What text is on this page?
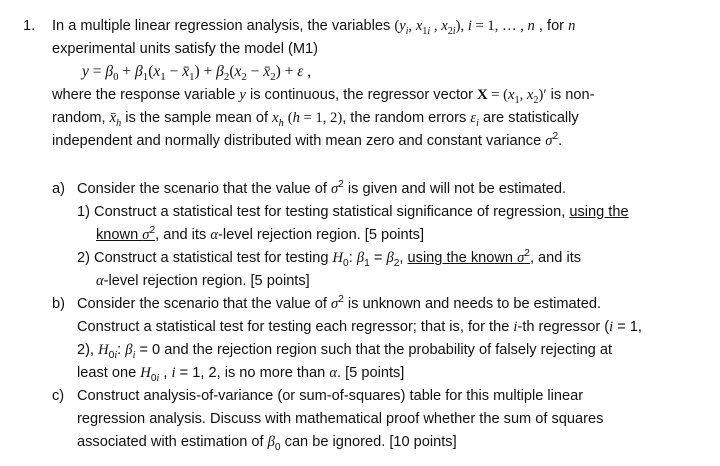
1. In a multiple linear regression analysis, the variables ($y_i$, $x_{1i}$ , $x_{2i}$), i = 1, … , n , for n
experimental units satisfy the model (M1)
$y = \beta_0 + \beta_1(x_1$ − $x̄_1) + \beta_2(x_2$ − $x̄_2) + \varepsilon$ ,
where the response variable y is continuous, the regressor vector $X = (x_1$, $x_2)'$ is non-
random, $x̄_h$ is the sample mean of $x_h$ (h = 1, 2), the random errors $\varepsilon_i$ are statistically
independent and normally distributed with mean zero and constant variance $\sigma^2$.
a) Consider the scenario that the value of $\sigma^2$ is given and will not be estimated.
1) Construct a statistical test for testing statistical significance of regression, using the
known $\sigma^2$, and its α-level rejection region. [5 points]
2) Construct a statistical test for testing $H_0$: $\beta_1 = \beta_2$, using the known $\sigma^2$, and its
α-level rejection region. [5 points]
b) Consider the scenario that the value of $\sigma^2$ is unknown and needs to be estimated.
Construct a statistical test for testing each regressor; that is, for the i-th regressor (i = 1,
2), $H_{0i}$: $\beta_i = 0$ and the rejection region such that the probability of falsely rejecting at
least one $H_{0i}$ , i = 1, 2, is no more than α. [5 points]
c) Construct analysis-of-variance (or sum-of-squares) table for this multiple linear
regression analysis. Discuss with mathematical proof whether the sum of squares
associated with estimation of $\beta_0$ can be ignored. [10 points]
